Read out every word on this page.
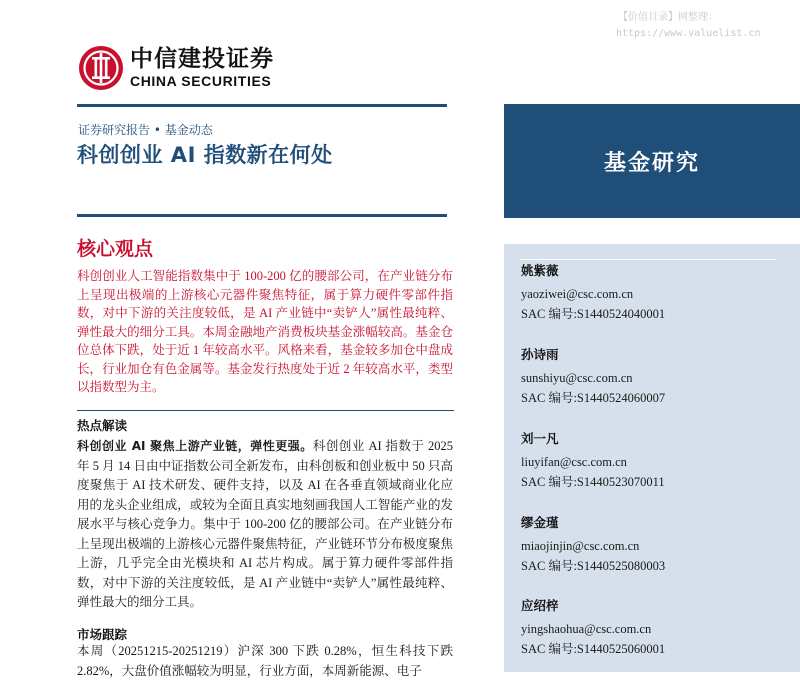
【价值目录】网整理：
https://www.valuelist.cn
中信建投证券
CHINA SECURITIES
证券研究报告 • 基金动态
科创创业 AI 指数新在何处	基金研究
核心观点
科创创业人工智能指数集中于 100-200 亿的腰部公司，在产业链分布上呈现出极端的上游核心元器件聚焦特征，属于算力硬件零部件指数，对中下游的关注度较低，是 AI 产业链中“卖铲人”属性最纯粹、弹性最大的细分工具。本周金融地产消费板块基金涨幅较高。基金仓位总体下跌，处于近 1 年较高水平。风格来看，基金较多加仓中盘成长，行业加仓有色金属等。基金发行热度处于近 2 年较高水平，类型以指数型为主。
热点解读
科创创业 AI 聚焦上游产业链，弹性更强。科创创业 AI 指数于 2025 年 5 月 14 日由中证指数公司全新发布，由科创板和创业板中 50 只高度聚焦于 AI 技术研发、硬件支持，以及 AI 在各垂直领域商业化应用的龙头企业组成，或较为全面且真实地刻画我国人工智能产业的发展水平与核心竞争力。集中于 100-200 亿的腰部公司。在产业链分布上呈现出极端的上游核心元器件聚焦特征，产业链环节分布极度聚焦上游，几乎完全由光模块和 AI 芯片构成。属于算力硬件零部件指数，对中下游的关注度较低，是 AI 产业链中“卖铲人”属性最纯粹、弹性最大的细分工具。
市场跟踪
本周（20251215-20251219）沪深 300 下跌 0.28%，恒生科技下跌 2.82%，大盘价值涨幅较为明显，行业方面，本周新能源、电子
姚紫薇
yaoziwei@csc.com.cn
SAC 编号:S1440524040001
孙诗雨
sunshiyu@csc.com.cn
SAC 编号:S1440524060007
刘一凡
liuyifan@csc.com.cn
SAC 编号:S1440523070011
缪金瑾
miaojinjin@csc.com.cn
SAC 编号:S1440525080003
应绍梓
yingshaohua@csc.com.cn
SAC 编号:S1440525060001
